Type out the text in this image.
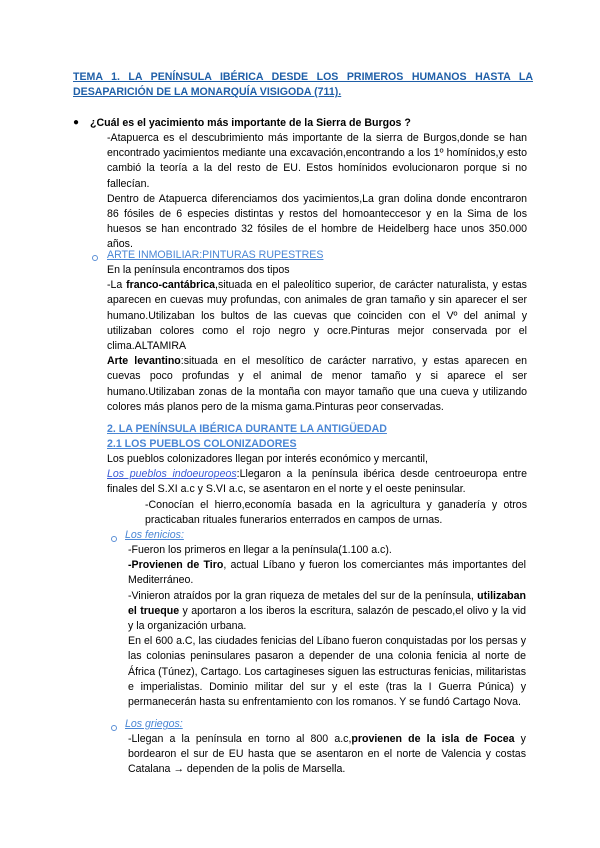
TEMA 1. LA PENÍNSULA IBÉRICA DESDE LOS PRIMEROS HUMANOS HASTA LA DESAPARICIÓN DE LA MONARQUÍA VISIGODA (711).
● ¿Cuál es el yacimiento más importante de la Sierra de Burgos ?

-Atapuerca es el descubrimiento más importante de la sierra de Burgos,donde se han encontrado yacimientos mediante una excavación,encontrando a los 1º homínidos,y esto cambió la teoría a la del resto de EU. Estos homínidos evolucionaron porque si no fallecían.

Dentro de Atapuerca diferenciamos dos yacimientos,La gran dolina donde encontraron 86 fósiles de 6 especies distintas y restos del homoanteccesor y en la Sima de los huesos se han encontrado 32 fósiles de el hombre de Heidelberg hace unos 350.000 años.

ARTE INMOBILIAR:PINTURAS RUPESTRES

En la península encontramos dos tipos

-La franco-cantábrica,situada en el paleolítico superior, de carácter naturalista, y estas aparecen en cuevas muy profundas, con animales de gran tamaño y sin aparecer el ser humano.Utilizaban los bultos de las cuevas que coinciden con el Vº del animal y utilizaban colores como el rojo negro y ocre.Pinturas mejor conservada por el clima.ALTAMIRA

Arte levantino:situada en el mesolítico de carácter narrativo, y estas aparecen en cuevas poco profundas y el animal de menor tamaño y si aparece el ser humano.Utilizaban zonas de la montaña con mayor tamaño que una cueva y utilizando colores más planos pero de la misma gama.Pinturas peor conservadas.

2. LA PENÍNSULA IBÉRICA DURANTE LA ANTIGÜEDAD
2.1 LOS PUEBLOS COLONIZADORES

Los pueblos colonizadores llegan por interés económico y mercantil,

Los pueblos indoeuropeos:Llegaron a la península ibérica desde centroeuropa entre finales del S.XI a.c y S.VI a.c, se asentaron en el norte y el oeste peninsular.

-Conocían el hierro,economía basada en la agricultura y ganadería y otros practicaban rituales funerarios enterrados en campos de urnas.

Los fenicios:

-Fueron los primeros en llegar a la península(1.100 a.c).

-Provienen de Tiro, actual Líbano y fueron los comerciantes más importantes del Mediterráneo.

-Vinieron atraídos por la gran riqueza de metales del sur de la península, utilizaban el trueque y aportaron a los iberos la escritura, salazón de pescado,el olivo y la vid y la organización urbana.

En el 600 a.C, las ciudades fenicias del Líbano fueron conquistadas por los persas y las colonias peninsulares pasaron a depender de una colonia fenicia al norte de África (Túnez), Cartago. Los cartagineses siguen las estructuras fenicias, militaristas e imperialistas. Dominio militar del sur y el este (tras la I Guerra Púnica) y permanecerán hasta su enfrentamiento con los romanos. Y se fundó Cartago Nova.

Los griegos:

-Llegan a la península en torno al 800 a.c,provienen de la isla de Focea y bordearon el sur de EU hasta que se asentaron en el norte de Valencia y costas Catalana → dependen de la polis de Marsella.
